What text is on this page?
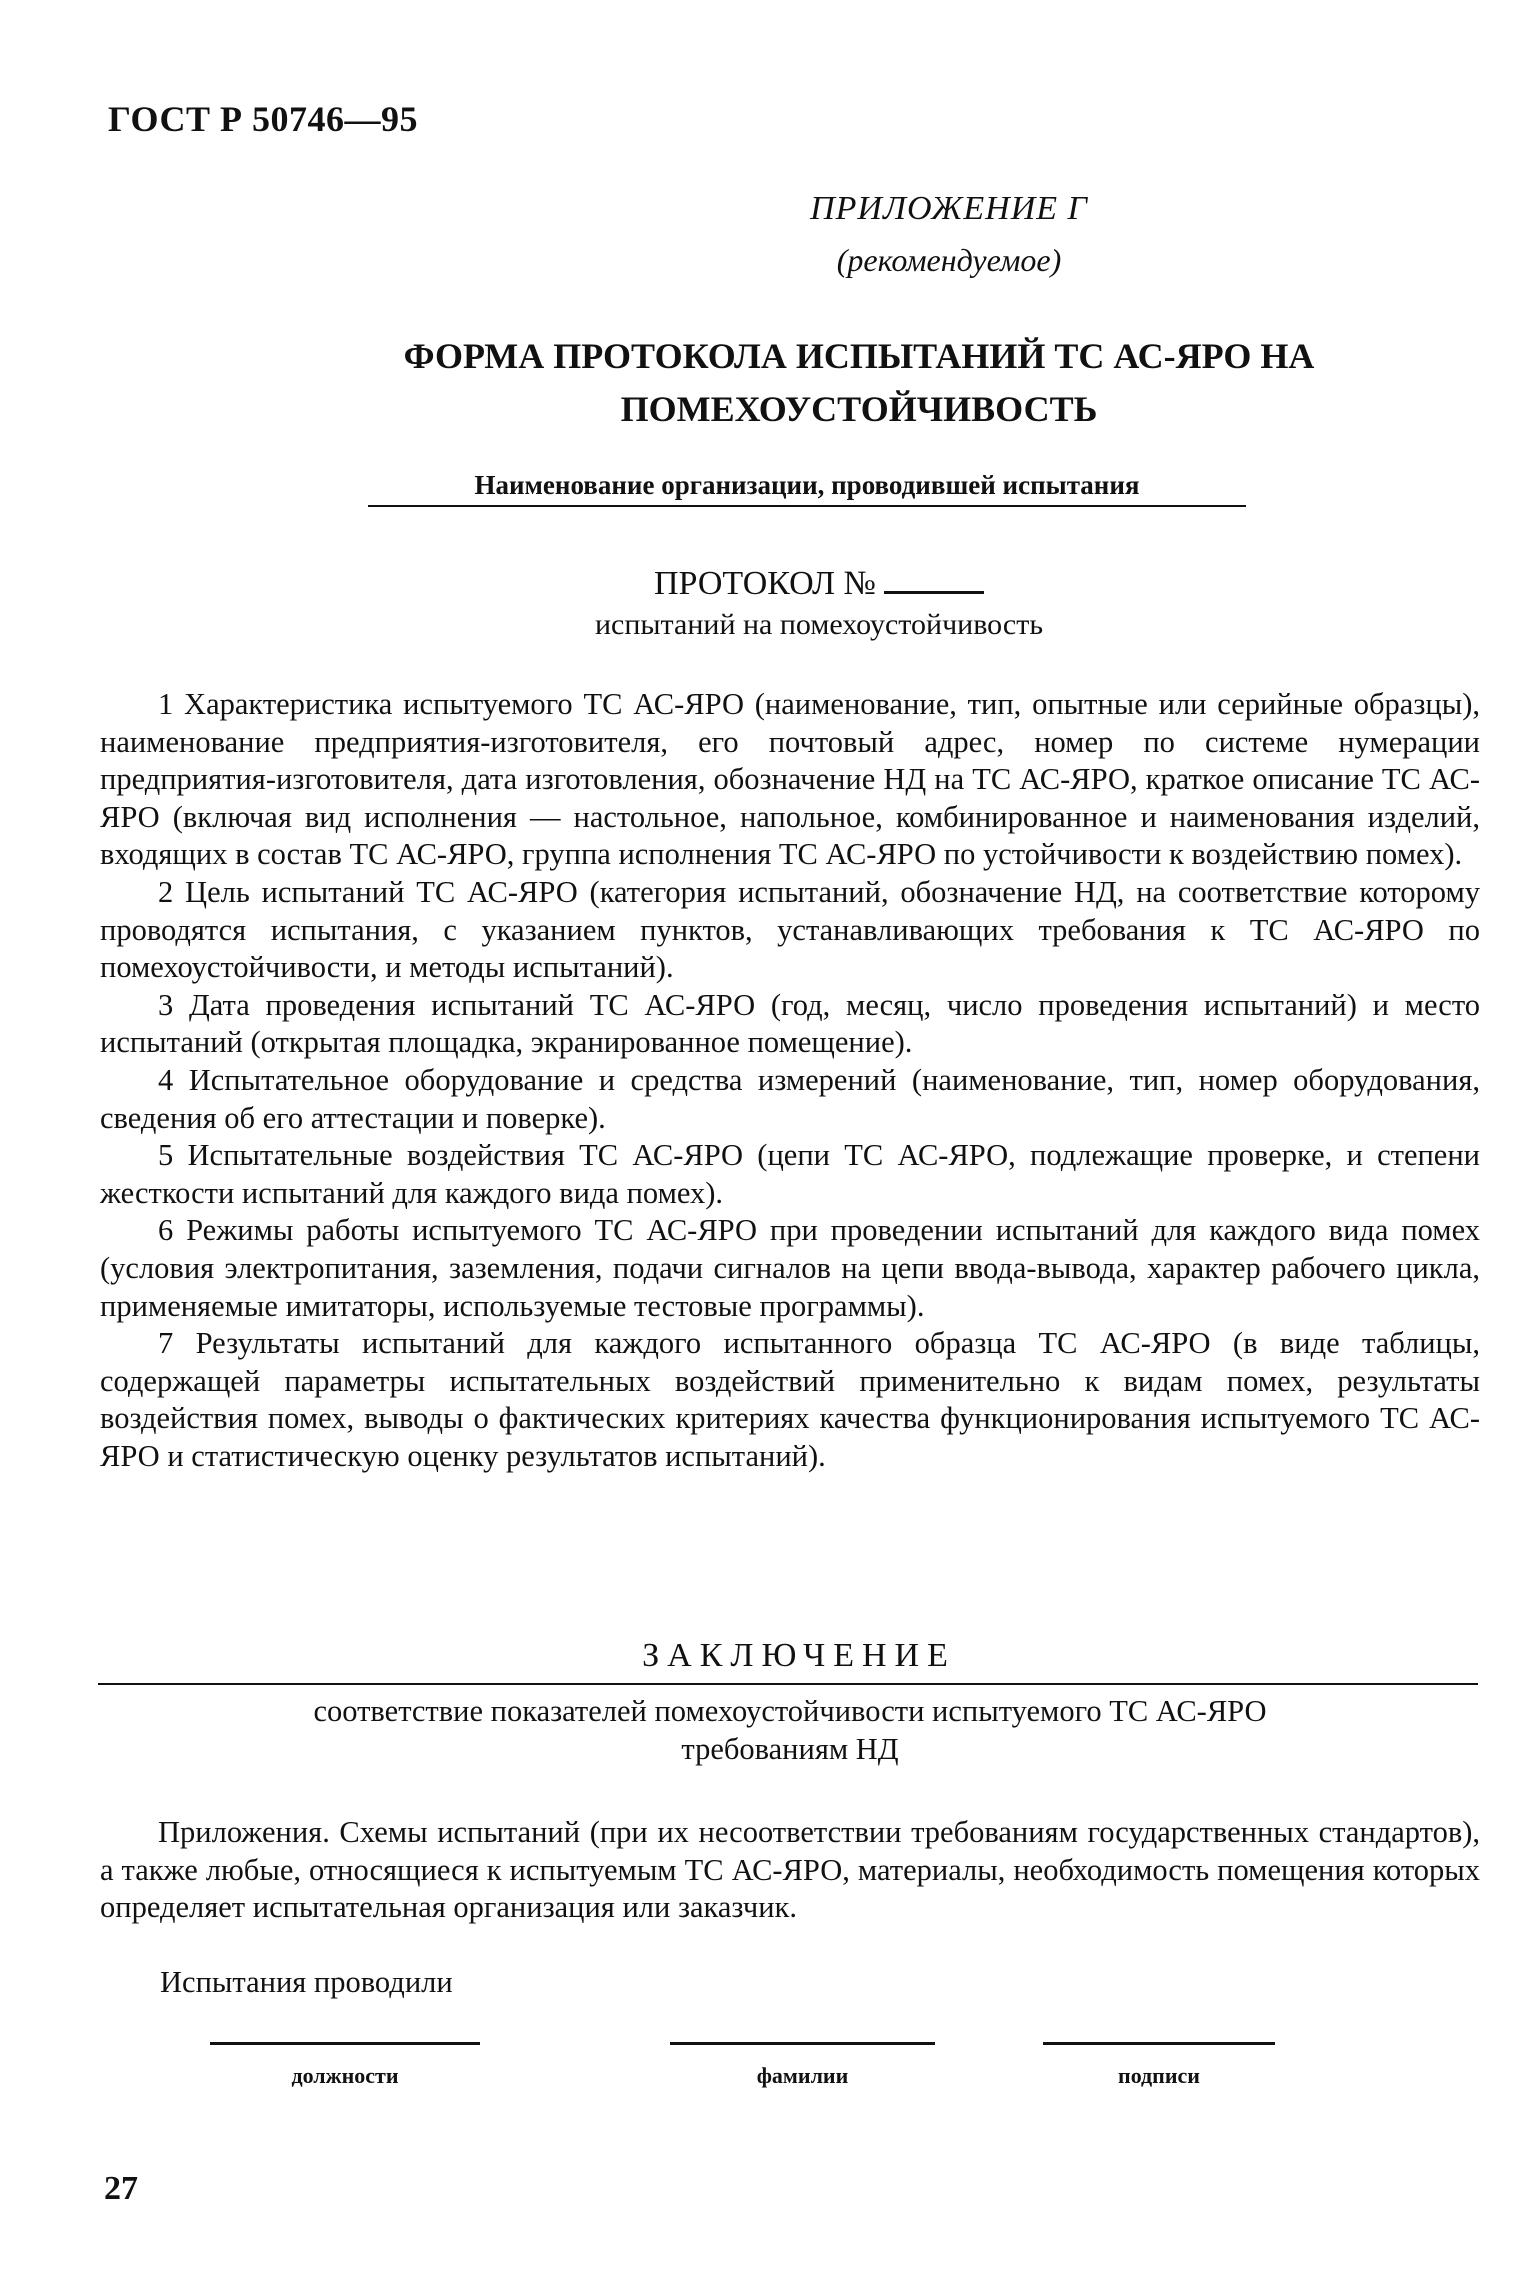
ГОСТ Р 50746—95
ПРИЛОЖЕНИЕ Г
(рекомендуемое)
ФОРМА ПРОТОКОЛА ИСПЫТАНИЙ ТС АС-ЯРО НА
ПОМЕХОУСТОЙЧИВОСТЬ
Наименование организации, проводившей испытания
ПРОТОКОЛ №
испытаний на помехоустойчивость

1 Характеристика испытуемого ТС АС-ЯРО (наименование, тип, опытные или серийные образцы), наименование предприятия-изготовителя, его почтовый адрес, номер по системе нумерации предприятия-изготовителя, дата изготовления, обозначение НД на ТС АС-ЯРО, краткое описание ТС АС-ЯРО (включая вид исполнения — настольное, напольное, комбинированное и наименования изделий, входящих в состав ТС АС-ЯРО, группа исполнения ТС АС-ЯРО по устойчивости к воздействию помех).

2 Цель испытаний ТС АС-ЯРО (категория испытаний, обозначение НД, на соответствие которому проводятся испытания, с указанием пунктов, устанавливающих требования к ТС АС-ЯРО по помехоустойчивости, и методы испытаний).

3 Дата проведения испытаний ТС АС-ЯРО (год, месяц, число проведения испытаний) и место испытаний (открытая площадка, экранированное помещение).

4 Испытательное оборудование и средства измерений (наименование, тип, номер оборудования, сведения об его аттестации и поверке).

5 Испытательные воздействия ТС АС-ЯРО (цепи ТС АС-ЯРО, подлежащие проверке, и степени жесткости испытаний для каждого вида помех).

6 Режимы работы испытуемого ТС АС-ЯРО при проведении испытаний для каждого вида помех (условия электропитания, заземления, подачи сигналов на цепи ввода-вывода, характер рабочего цикла, применяемые имитаторы, используемые тестовые программы).

7 Результаты испытаний для каждого испытанного образца ТС АС-ЯРО (в виде таблицы, содержащей параметры испытательных воздействий применительно к видам помех, результаты воздействия помех, выводы о фактических критериях качества функционирования испытуемого ТС АС-ЯРО и статистическую оценку результатов испытаний).

ЗАКЛЮЧЕНИЕ
соответствие показателей помехоустойчивости испытуемого ТС АС-ЯРО
требованиям НД
Приложения. Схемы испытаний (при их несоответствии требованиям государственных стандартов), а также любые, относящиеся к испытуемым ТС АС-ЯРО, материалы, необходимость помещения которых определяет испытательная организация или заказчик.
Испытания проводили
должности	фамилии	подписи
27
